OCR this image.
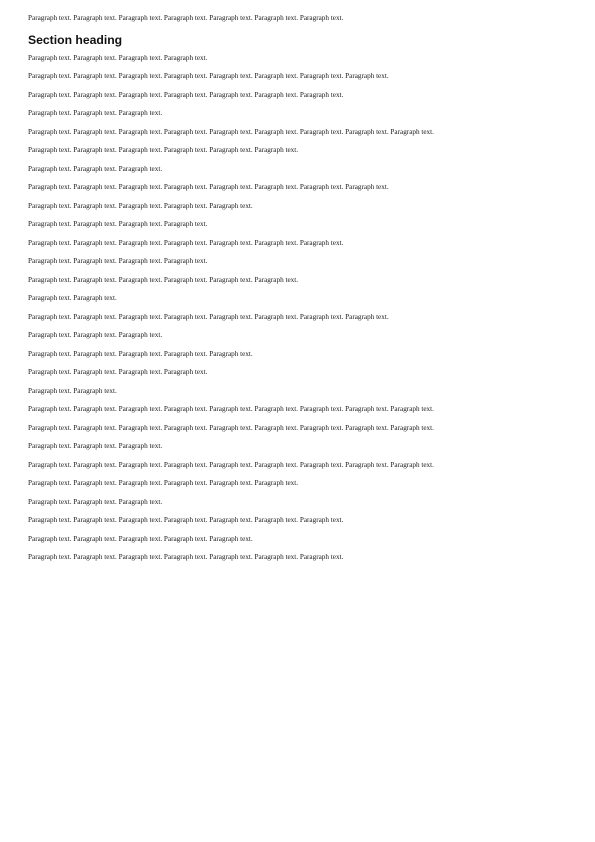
Paragraph text. Paragraph text. Paragraph text. Paragraph text. Paragraph text. Paragraph text. Paragraph text.

Section heading

Paragraph text. Paragraph text. Paragraph text. Paragraph text.

Paragraph text. Paragraph text. Paragraph text. Paragraph text. Paragraph text. Paragraph text. Paragraph text. Paragraph text.

Paragraph text. Paragraph text. Paragraph text. Paragraph text. Paragraph text. Paragraph text. Paragraph text.

Paragraph text. Paragraph text. Paragraph text.

Paragraph text. Paragraph text. Paragraph text. Paragraph text. Paragraph text. Paragraph text. Paragraph text. Paragraph text. Paragraph text.

Paragraph text. Paragraph text. Paragraph text. Paragraph text. Paragraph text. Paragraph text.

Paragraph text. Paragraph text. Paragraph text.

Paragraph text. Paragraph text. Paragraph text. Paragraph text. Paragraph text. Paragraph text. Paragraph text. Paragraph text.

Paragraph text. Paragraph text. Paragraph text. Paragraph text. Paragraph text.

Paragraph text. Paragraph text. Paragraph text. Paragraph text.

Paragraph text. Paragraph text. Paragraph text. Paragraph text. Paragraph text. Paragraph text. Paragraph text.

Paragraph text. Paragraph text. Paragraph text. Paragraph text.

Paragraph text. Paragraph text. Paragraph text. Paragraph text. Paragraph text. Paragraph text.

Paragraph text. Paragraph text.

Paragraph text. Paragraph text. Paragraph text. Paragraph text. Paragraph text. Paragraph text. Paragraph text. Paragraph text.

Paragraph text. Paragraph text. Paragraph text.

Paragraph text. Paragraph text. Paragraph text. Paragraph text. Paragraph text.

Paragraph text. Paragraph text. Paragraph text. Paragraph text.

Paragraph text. Paragraph text.

Paragraph text. Paragraph text. Paragraph text. Paragraph text. Paragraph text. Paragraph text. Paragraph text. Paragraph text. Paragraph text.

Paragraph text. Paragraph text. Paragraph text. Paragraph text. Paragraph text. Paragraph text. Paragraph text. Paragraph text. Paragraph text.

Paragraph text. Paragraph text. Paragraph text.

Paragraph text. Paragraph text. Paragraph text. Paragraph text. Paragraph text. Paragraph text. Paragraph text. Paragraph text. Paragraph text.

Paragraph text. Paragraph text. Paragraph text. Paragraph text. Paragraph text. Paragraph text.

Paragraph text. Paragraph text. Paragraph text.

Paragraph text. Paragraph text. Paragraph text. Paragraph text. Paragraph text. Paragraph text. Paragraph text.

Paragraph text. Paragraph text. Paragraph text. Paragraph text. Paragraph text.

Paragraph text. Paragraph text. Paragraph text. Paragraph text. Paragraph text. Paragraph text. Paragraph text.
